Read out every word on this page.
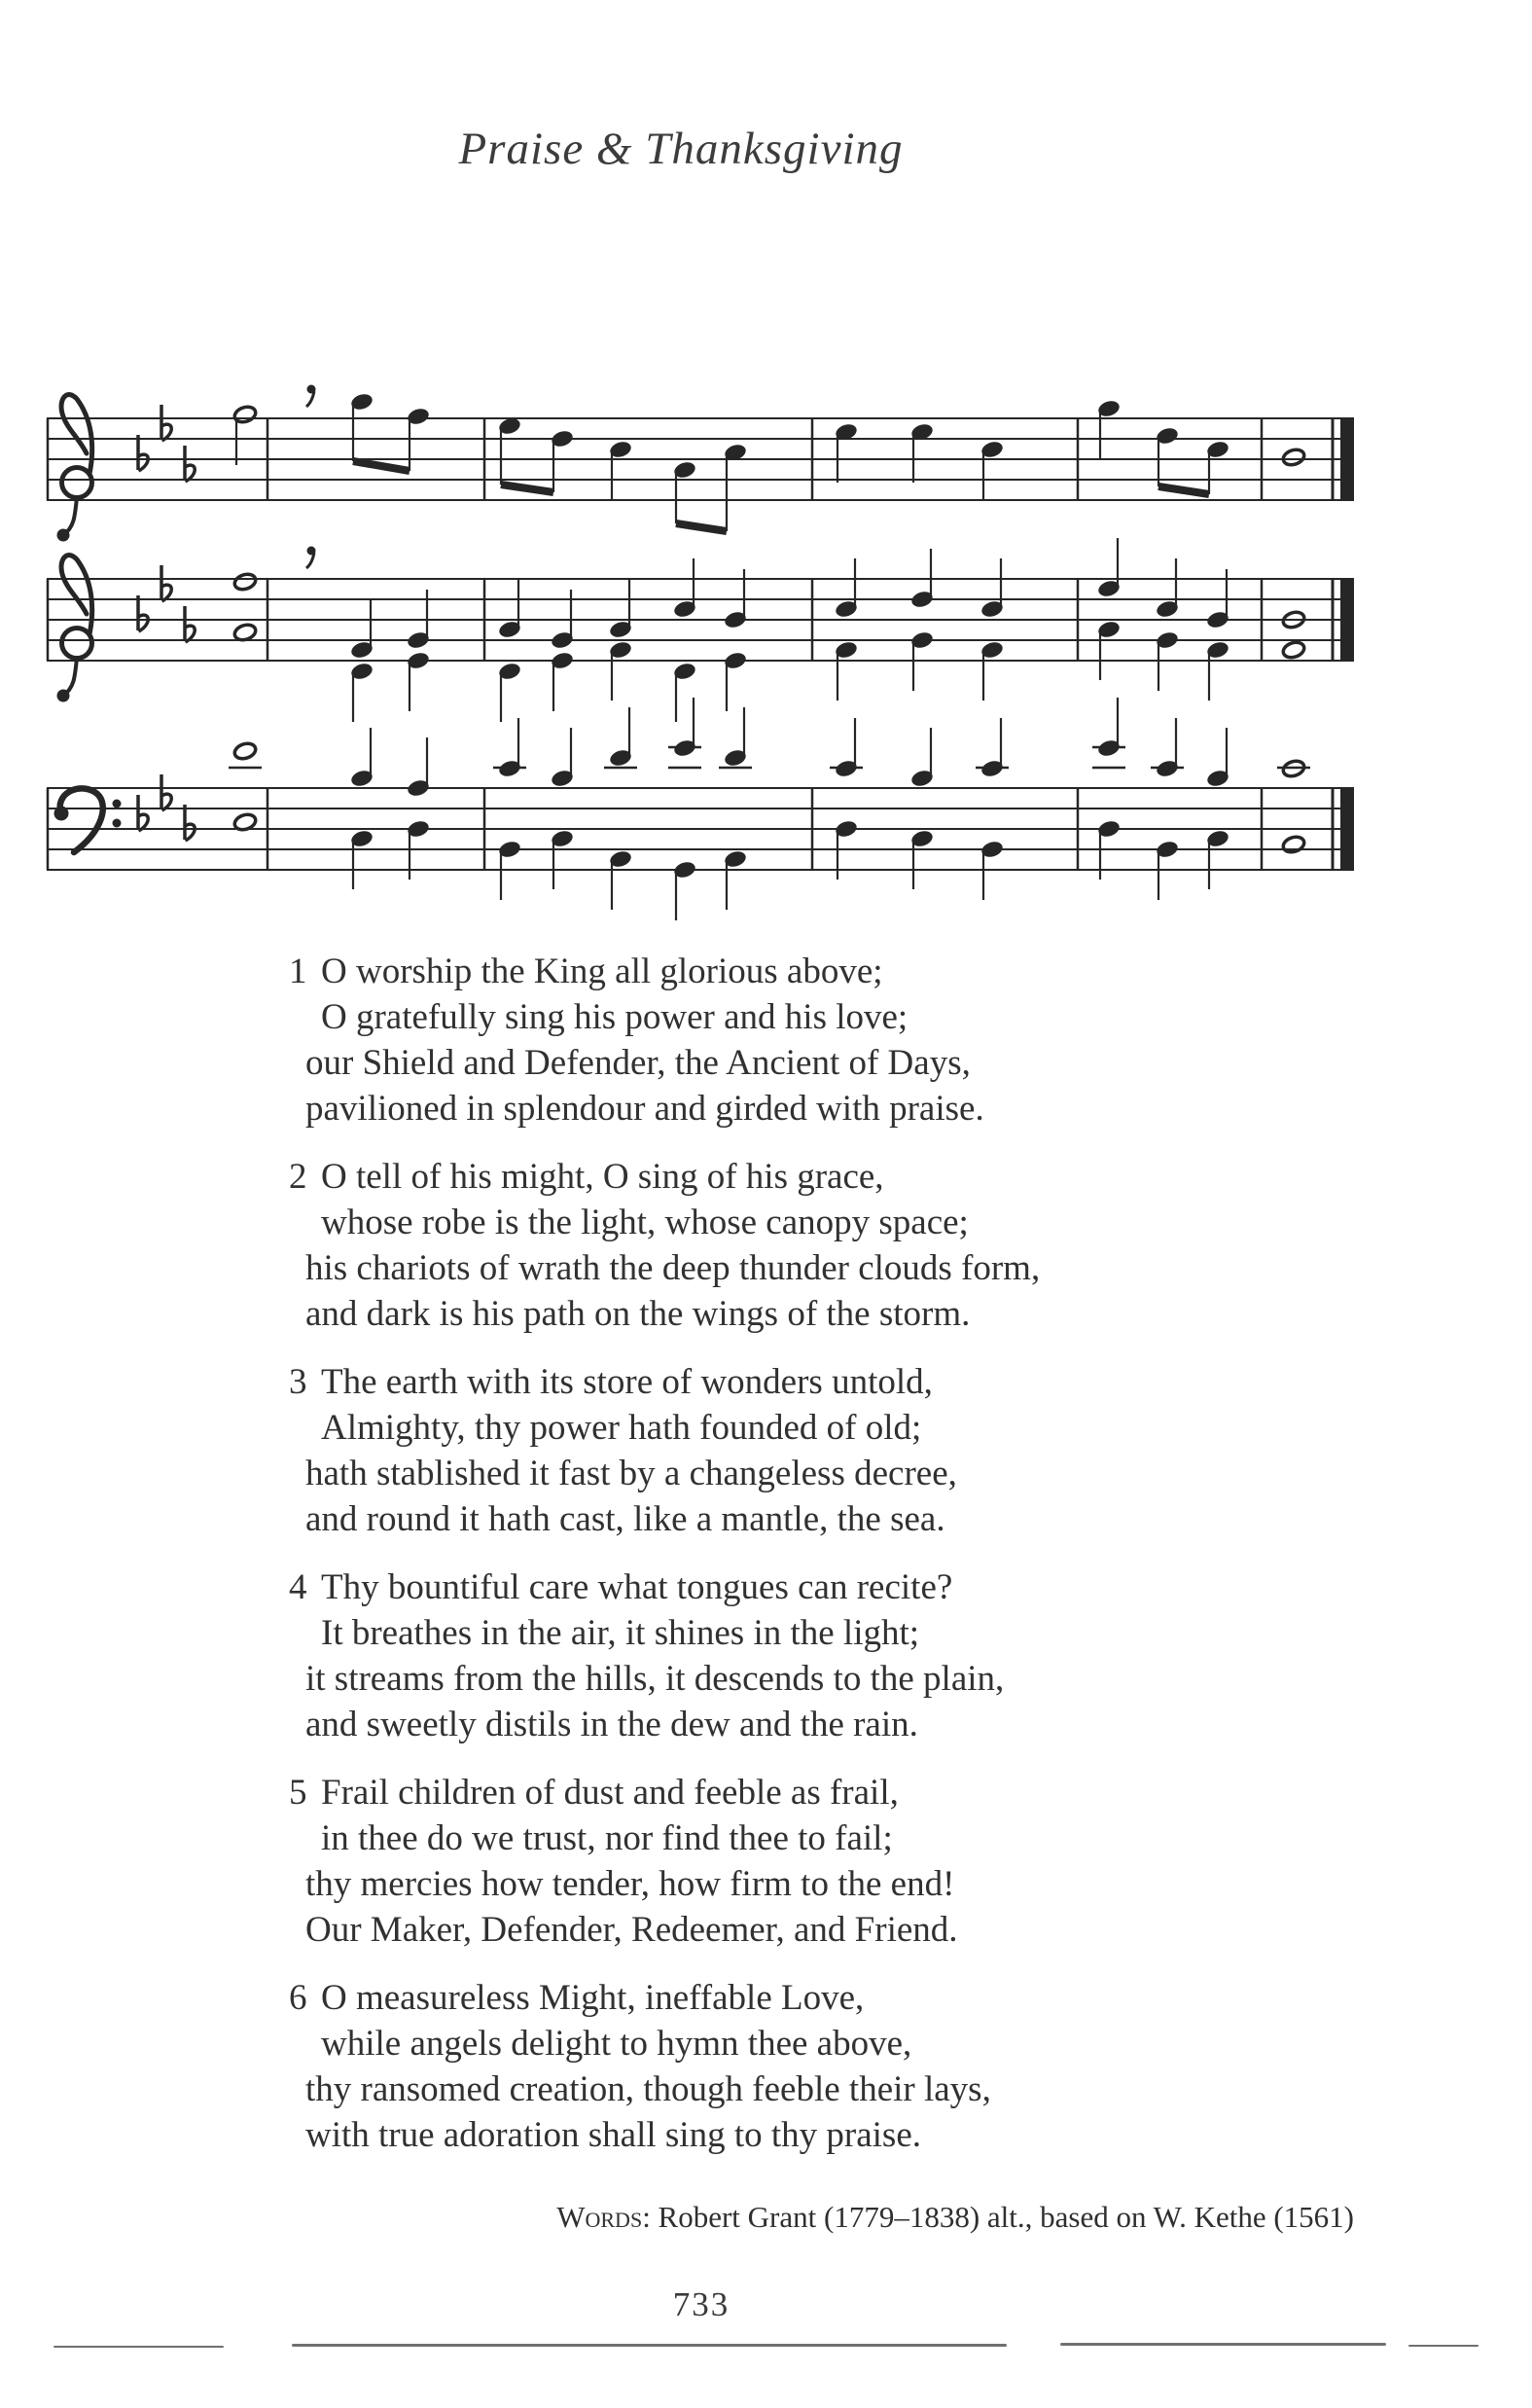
Praise & Thanksgiving
1 O worship the King all glorious above;
O gratefully sing his power and his love;
our Shield and Defender, the Ancient of Days,
pavilioned in splendour and girded with praise.
2 O tell of his might, O sing of his grace,
whose robe is the light, whose canopy space;
his chariots of wrath the deep thunder clouds form,
and dark is his path on the wings of the storm.
3 The earth with its store of wonders untold,
Almighty, thy power hath founded of old;
hath stablished it fast by a changeless decree,
and round it hath cast, like a mantle, the sea.
4 Thy bountiful care what tongues can recite?
It breathes in the air, it shines in the light;
it streams from the hills, it descends to the plain,
and sweetly distils in the dew and the rain.
5 Frail children of dust and feeble as frail,
in thee do we trust, nor find thee to fail;
thy mercies how tender, how firm to the end!
Our Maker, Defender, Redeemer, and Friend.
6 O measureless Might, ineffable Love,
while angels delight to hymn thee above,
thy ransomed creation, though feeble their lays,
with true adoration shall sing to thy praise.
Words: Robert Grant (1779–1838) alt., based on W. Kethe (1561)
733
